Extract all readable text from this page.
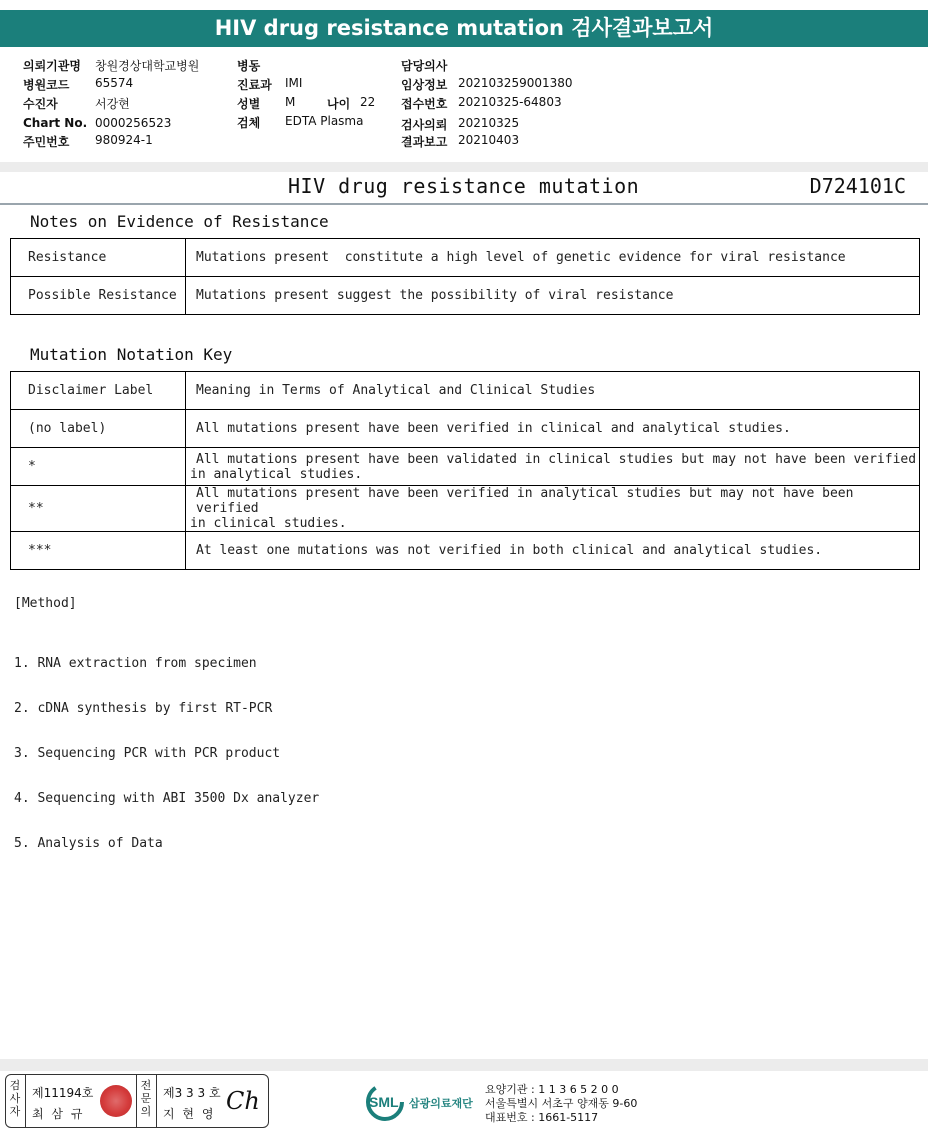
HIV drug resistance mutation 검사결과보고서
의뢰기관명 창원경상대학교병원
병원코드 65574
수진자	서강현
Chart No. 0000256523
주민번호 980924-1
병동
진료과 IMI
성별 M	나이 22
검체 EDTA Plasma
담당의사
임상정보 202103259001380
접수번호 20210325-64803
검사의뢰 20210325
결과보고 20210403
HIV drug resistance mutation	D724101C
Notes on Evidence of Resistance
Resistance	Mutations present  constitute a high level of genetic evidence for viral resistance
Possible Resistance	Mutations present suggest the possibility of viral resistance
Mutation Notation Key
Disclaimer Label	Meaning in Terms of Analytical and Clinical Studies
(no label)	All mutations present have been verified in clinical and analytical studies.
*	All mutations present have been validated in clinical studies but may not have been verified
in analytical studies.

**	All mutations present have been verified in analytical studies but may not have been verified
in clinical studies.

***	At least one mutations was not verified in both clinical and analytical studies.
[Method]

1. RNA extraction from specimen

2. cDNA synthesis by first RT-PCR

3. Sequencing PCR with PCR product

4. Sequencing with ABI 3500 Dx analyzer

5. Analysis of Data

검사자
제11194호
최 삼 규
전문의
제3 3 3 호
지 현 영 Ch	SML 삼광의료재단
요양기관 : 1 1 3 6 5 2 0 0
서울특별시 서초구 양재동 9-60
대표번호 : 1661-5117
